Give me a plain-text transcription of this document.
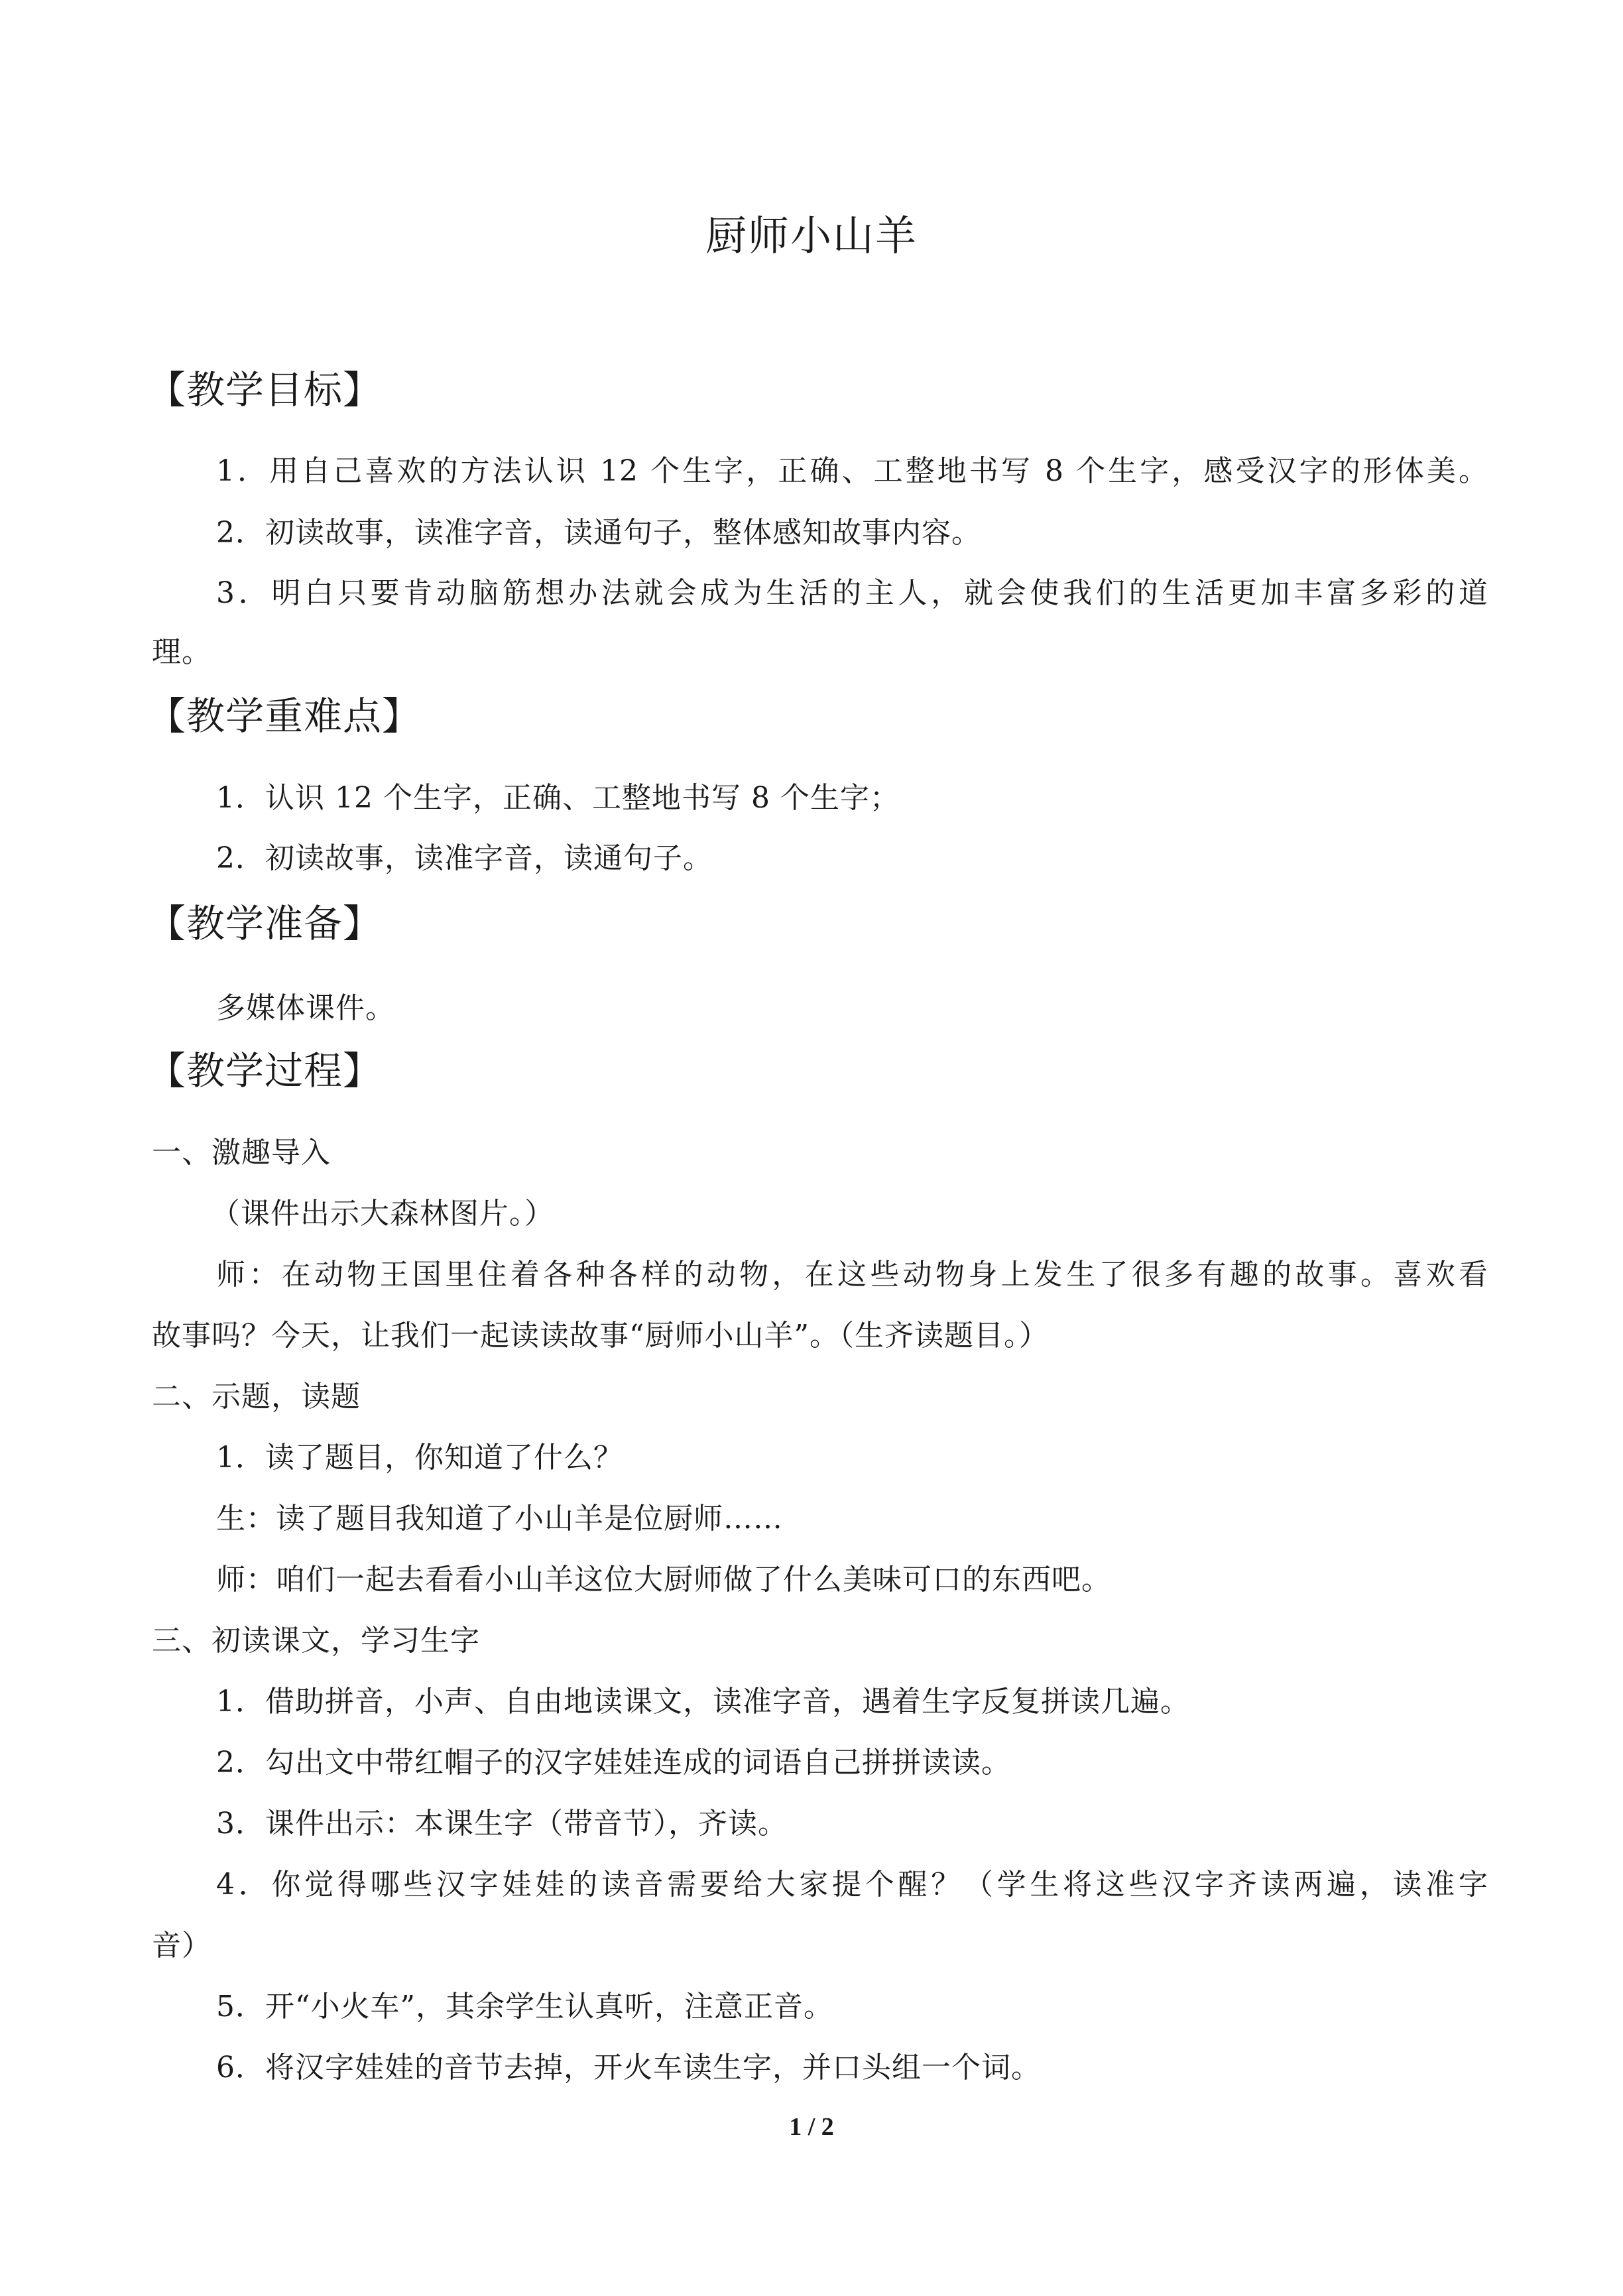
厨师小山羊
【教学目标】
1．用自己喜欢的方法认识 12 个生字，正确、工整地书写 8 个生字，感受汉字的形体美。
2．初读故事，读准字音，读通句子，整体感知故事内容。
3．明白只要肯动脑筋想办法就会成为生活的主人，就会使我们的生活更加丰富多彩的道
理。
【教学重难点】
1．认识 12 个生字，正确、工整地书写 8 个生字；
2．初读故事，读准字音，读通句子。
【教学准备】
多媒体课件。
【教学过程】
一、激趣导入
（课件出示大森林图片。）
师：在动物王国里住着各种各样的动物，在这些动物身上发生了很多有趣的故事。喜欢看
故事吗？今天，让我们一起读读故事“厨师小山羊”。（生齐读题目。）
二、示题，读题
1．读了题目，你知道了什么？
生：读了题目我知道了小山羊是位厨师……
师：咱们一起去看看小山羊这位大厨师做了什么美味可口的东西吧。
三、初读课文，学习生字
1．借助拼音，小声、自由地读课文，读准字音，遇着生字反复拼读几遍。
2．勾出文中带红帽子的汉字娃娃连成的词语自己拼拼读读。
3．课件出示：本课生字（带音节），齐读。
4．你觉得哪些汉字娃娃的读音需要给大家提个醒？（学生将这些汉字齐读两遍，读准字
音）
5．开“小火车”，其余学生认真听，注意正音。
6．将汉字娃娃的音节去掉，开火车读生字，并口头组一个词。
1 / 2
